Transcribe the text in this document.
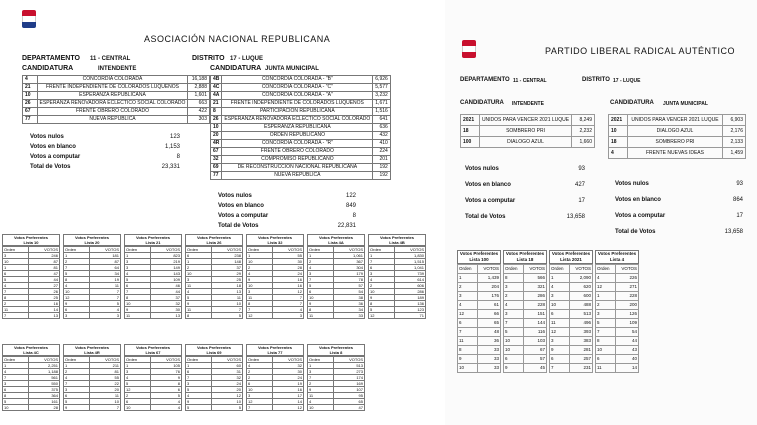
ASOCIACIÓN NACIONAL REPUBLICANA
DEPARTAMENTO 11 - CENTRAL	DISTRITO 17 - LUQUE
CANDIDATURA	INTENDENTE	CANDIDATURA JUNTA MUNICIPAL
4	CONCORDIA COLORADA	16,188
21	FRENTE INDEPENDIENTE DE COLORADOS LUQUEÑOS	2,888
10	ESPERANZA REPUBLICANA	1,601
26	ESPERANZA RENOVADORA ECLECTICO SOCIAL COLORADO	663
67	FRENTE OBRERO COLORADO	422
77	NUEVA REPUBLICA	303
Votos nulos	123
Votos en blanco	1,153
Votos a computar	8
Total de Votos	23,331
4B	CONCORDIA COLORADA - "B"	6,926
4C	CONCORDIA COLORADA - "C"	5,577
4A	CONCORDIA COLORADA - "A"	3,232
21	FRENTE INDEPENDIENTE DE COLORADOS LUQUEÑOS	1,671
8	PARTICIPACION REPUBLICANA	1,516
26	ESPERANZA RENOVADORA ECLECTICO SOCIAL COLORADO	641
10	ESPERANZA REPUBLICANA	636
20	ORDEN REPUBLICANO	432
4R	CONCORDIA COLORADA - "R"	410
67	FRENTE OBRERO COLORADO	224
32	COMPROMISO REPUBLICANO	201
69	DE RECONSTRUCCION NACIONAL REPUBLICANA	192
77	NUEVA REPUBLICA	192
Votos nulos	122
Votos en blanco	849
Votos a computar	8
Total de Votos	22,831
Votos Preferentes
Lista 10
Orden	VOTOS
3	246
10	87
1	81
6	47
5	44
4	27
7	26
8	25
2	16
11	14
7	13
Votos Preferentes
Lista 20
Orden	VOTOS
1	181
2	87
7	64
5	34
8	19
4	11
10	7
12	7
9	5
6	4
3	3
Votos Preferentes
Lista 21
Orden	VOTOS
1	823
3	219
3	149
4	143
5	109
6	46
7	44
8	37
10	32
9	30
11	13
Votos Preferentes
Lista 26
Orden	VOTOS
6	238
1	148
2	37
10	29
3	25
11	18
4	13
5	11
9	10
11	7
8	5
Votos Preferentes
Lista 32
Orden	VOTOS
1	55
10	30
2	28
4	24
9	16
10	16
3	12
11	7
8	7
7	4
12	3
Votos Preferentes
Lista 4A
Orden	VOTOS
1	1,061
2	367
4	304
3	179
7	78
5	57
6	54
10	38
9	36
8	34
11	33
Votos Preferentes
Lista 4B
Orden	VOTOS
1	1,830
7	1,515
6	1,041
3	739
4	614
2	606
10	286
9	189
8	136
5	123
12	71
Votos Preferentes
Lista 4C
Orden	VOTOS
1	2,251
4	1,188
7	561
3	550
6	375
8	364
5	161
10	28
Votos Preferentes
Lista 4R
Orden	VOTOS
1	211
2	81
4	55
7	22
3	20
6	11
5	10
9	7
Votos Preferentes
Lista 67
Orden	VOTOS
1	105
3	76
4	9
5	8
12	6
2	5
6	4
10	4
Votos Preferentes
Lista 69
Orden	VOTOS
1	60
6	31
7	32
3	24
5	20
4	12
9	10
5	5
Votos Preferentes
Lista 77
Orden	VOTOS
4	32
2	30
2	24
6	19
10	16
3	17
12	14
7	12
Votos Preferentes
Lista 8
Orden	VOTOS
1	513
3	273
7	174
2	169
9	107
11	95
4	65
10	47
PARTIDO LIBERAL RADICAL AUTÉNTICO
DEPARTAMENTO 11 - CENTRAL	DISTRITO 17 - LUQUE
CANDIDATURA INTENDENTE	CANDIDATURA JUNTA MUNICIPAL
2021	UNIDOS PARA VENCER 2021 LUQUE	8,249
18	SOMBRERO PRI	2,232
100	DIALOGO AZUL	1,660
Votos nulos	93
Votos en blanco	427
Votos a computar	17
Total de Votos	13,658
2021	UNIDOS PARA VENCER 2021 LUQUE	6,903
10	DIALOGO AZUL	2,176
18	SOMBRERO PRI	2,133
4	FRENTE NUEVAS IDEAS	1,459
Votos nulos	93
Votos en blanco	864
Votos a computar	17
Total de Votos	13,658
Votos Preferentes
Lista 100
Orden	VOTOS
1	1,439
2	204
3	176
4	61
12	66
6	65
7	48
11	36
8	33
9	33
10	33
Votos Preferentes
Lista 18
Orden	VOTOS
8	566
3	321
2	286
4	228
3	151
7	144
5	116
10	103
10	67
6	57
9	45
Votos Preferentes
Lista 2021
Orden	VOTOS
1	2,090
4	620
3	600
10	488
6	513
11	496
12	393
3	383
9	281
6	257
7	231
Votos Preferentes
Lista 4
Orden	VOTOS
4	226
12	271
1	228
2	200
3	126
5	109
7	54
8	44
10	43
6	40
11	14
